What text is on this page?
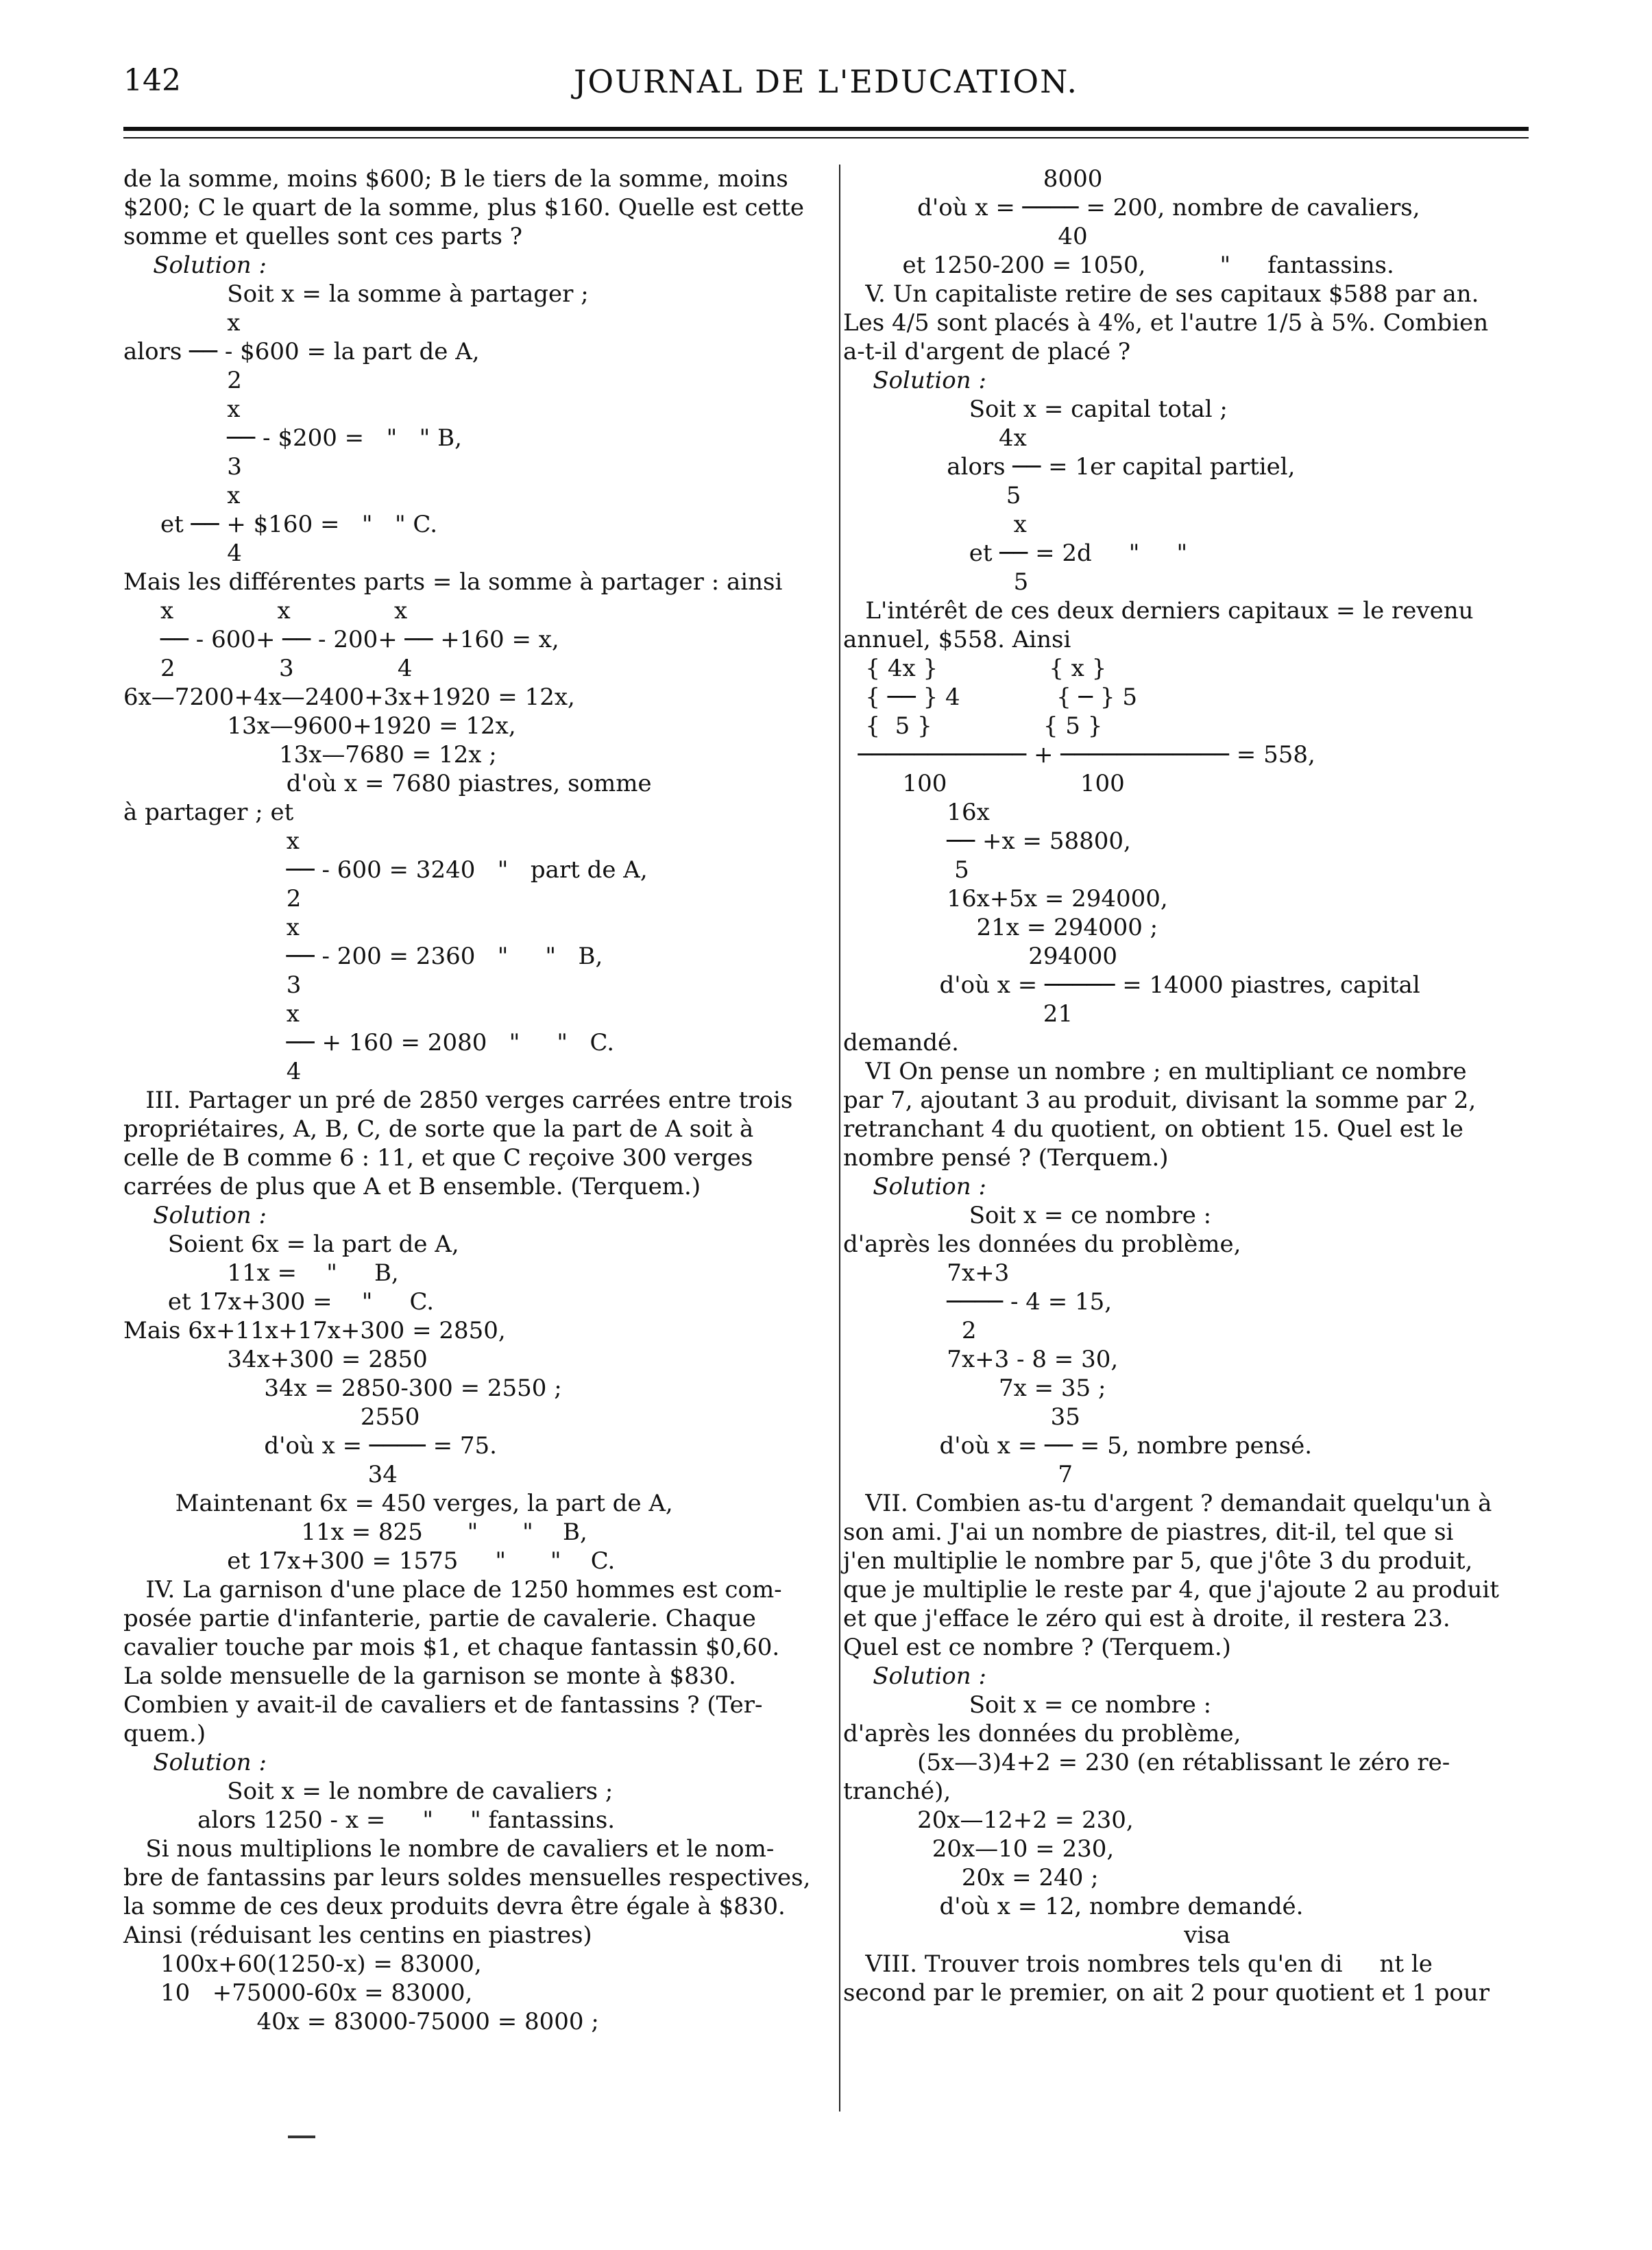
142	JOURNAL DE L'EDUCATION.
de la somme, moins $600; B le tiers de la somme, moins
$200; C le quart de la somme, plus $160. Quelle est cette
somme et quelles sont ces parts ?
Solution :
Soit x = la somme à partager ;
x
alors ── - $600 = la part de A,
2
x
── - $200 =   "   " B,
3
x
et ── + $160 =   "   " C.
4
Mais les différentes parts = la somme à partager : ainsi
x              x              x
── - 600+ ── - 200+ ── +160 = x,
2              3              4
6x—7200+4x—2400+3x+1920 = 12x,
13x—9600+1920 = 12x,
13x—7680 = 12x ;
d'où x = 7680 piastres, somme
à partager ; et
x
── - 600 = 3240   "   part de A,
2
x
── - 200 = 2360   "     "   B,
3
x
── + 160 = 2080   "     "   C.
4
III. Partager un pré de 2850 verges carrées entre trois
propriétaires, A, B, C, de sorte que la part de A soit à
celle de B comme 6 : 11, et que C reçoive 300 verges
carrées de plus que A et B ensemble. (Terquem.)
Solution :
Soient 6x = la part de A,
11x =    "     B,
et 17x+300 =    "     C.
Mais 6x+11x+17x+300 = 2850,
34x+300 = 2850
34x = 2850-300 = 2550 ;
2550
d'où x = ──── = 75.
34
Maintenant 6x = 450 verges, la part de A,
11x = 825      "      "    B,
et 17x+300 = 1575     "      "    C.
IV. La garnison d'une place de 1250 hommes est com-
posée partie d'infanterie, partie de cavalerie. Chaque
cavalier touche par mois $1, et chaque fantassin $0,60.
La solde mensuelle de la garnison se monte à $830.
Combien y avait-il de cavaliers et de fantassins ? (Ter-
quem.)
Solution :
Soit x = le nombre de cavaliers ;
alors 1250 - x =     "     " fantassins.
Si nous multiplions le nombre de cavaliers et le nom-
bre de fantassins par leurs soldes mensuelles respectives,
la somme de ces deux produits devra être égale à $830.
Ainsi (réduisant les centins en piastres)
100x+60(1250-x) = 83000,
10   +75000-60x = 83000,
40x = 83000-75000 = 8000 ;
8000
d'où x = ──── = 200, nombre de cavaliers,
40
et 1250-200 = 1050,          "     fantassins.
V. Un capitaliste retire de ses capitaux $588 par an.
Les 4/5 sont placés à 4%, et l'autre 1/5 à 5%. Combien
a-t-il d'argent de placé ?
Solution :
Soit x = capital total ;
4x
alors ── = 1er capital partiel,
5
x
et ── = 2d     "     "
5
L'intérêt de ces deux derniers capitaux = le revenu
annuel, $558. Ainsi
{ 4x }               { x }
{ ── } 4             { ─ } 5
{  5 }               { 5 }
──────────── + ──────────── = 558,
100                  100
16x
── +x = 58800,
5
16x+5x = 294000,
21x = 294000 ;
294000
d'où x = ───── = 14000 piastres, capital
21
demandé.
VI On pense un nombre ; en multipliant ce nombre
par 7, ajoutant 3 au produit, divisant la somme par 2,
retranchant 4 du quotient, on obtient 15. Quel est le
nombre pensé ? (Terquem.)
Solution :
Soit x = ce nombre :
d'après les données du problème,
7x+3
──── - 4 = 15,
2
7x+3 - 8 = 30,
7x = 35 ;
35
d'où x = ── = 5, nombre pensé.
7
VII. Combien as-tu d'argent ? demandait quelqu'un à
son ami. J'ai un nombre de piastres, dit-il, tel que si
j'en multiplie le nombre par 5, que j'ôte 3 du produit,
que je multiplie le reste par 4, que j'ajoute 2 au produit
et que j'efface le zéro qui est à droite, il restera 23.
Quel est ce nombre ? (Terquem.)
Solution :
Soit x = ce nombre :
d'après les données du problème,
(5x—3)4+2 = 230 (en rétablissant le zéro re-
tranché),
20x—12+2 = 230,
20x—10 = 230,
20x = 240 ;
d'où x = 12, nombre demandé.
visa
VIII. Trouver trois nombres tels qu'en di     nt le
second par le premier, on ait 2 pour quotient et 1 pour
